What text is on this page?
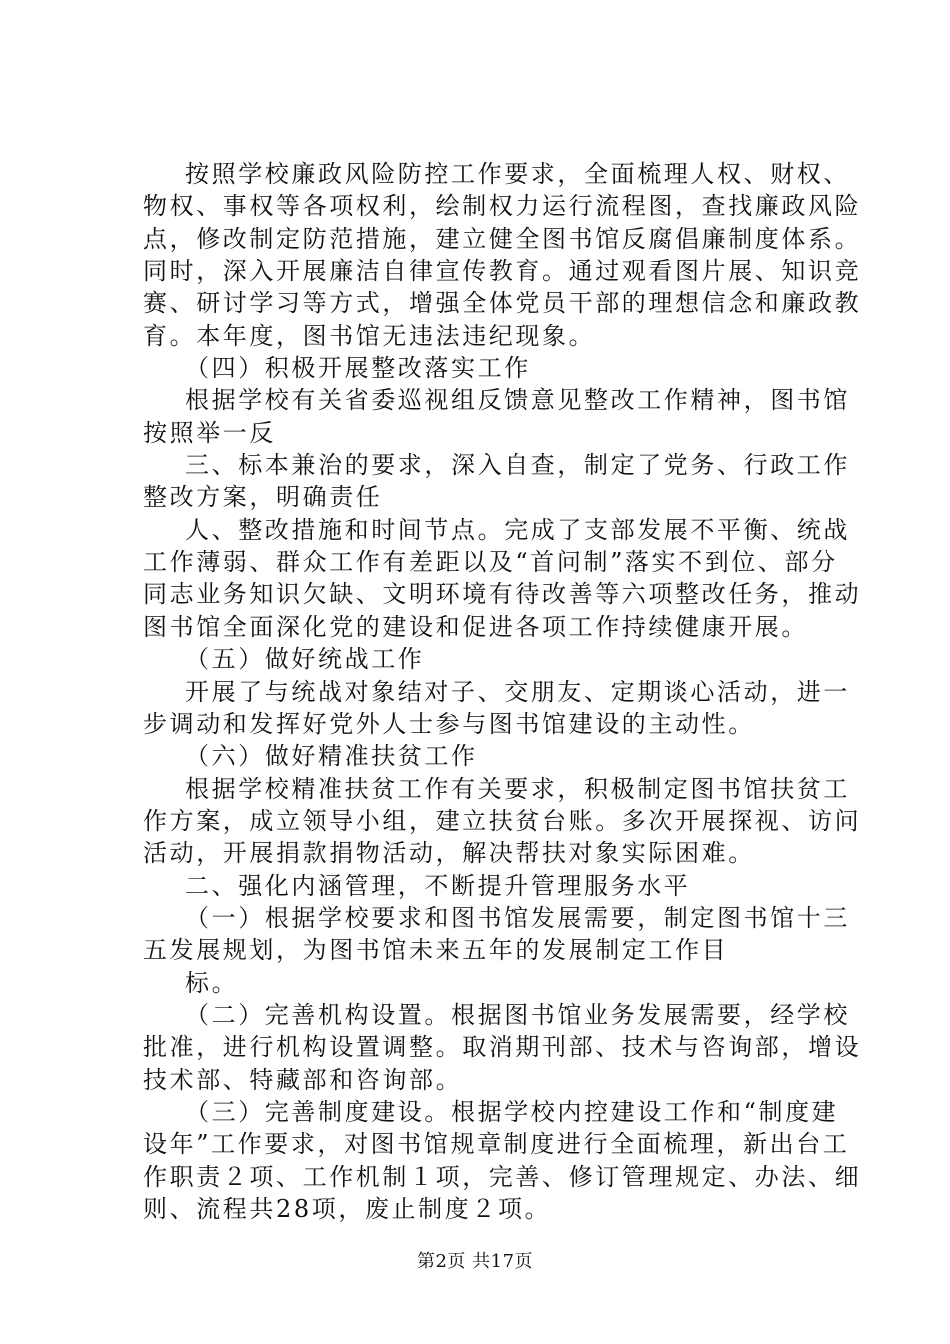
按照学校廉政风险防控工作要求，全面梳理人权、财权、
物权、事权等各项权利，绘制权力运行流程图，查找廉政风险
点，修改制定防范措施，建立健全图书馆反腐倡廉制度体系。
同时，深入开展廉洁自律宣传教育。通过观看图片展、知识竞
赛、研讨学习等方式，增强全体党员干部的理想信念和廉政教
育。本年度，图书馆无违法违纪现象。
（四）积极开展整改落实工作
根据学校有关省委巡视组反馈意见整改工作精神，图书馆
按照举一反
三、标本兼治的要求，深入自查，制定了党务、行政工作
整改方案，明确责任
人、整改措施和时间节点。完成了支部发展不平衡、统战
工作薄弱、群众工作有差距以及“首问制”落实不到位、部分
同志业务知识欠缺、文明环境有待改善等六项整改任务，推动
图书馆全面深化党的建设和促进各项工作持续健康开展。
（五）做好统战工作
开展了与统战对象结对子、交朋友、定期谈心活动，进一
步调动和发挥好党外人士参与图书馆建设的主动性。
（六）做好精准扶贫工作
根据学校精准扶贫工作有关要求，积极制定图书馆扶贫工
作方案，成立领导小组，建立扶贫台账。多次开展探视、访问
活动，开展捐款捐物活动，解决帮扶对象实际困难。
二、强化内涵管理，不断提升管理服务水平
（一）根据学校要求和图书馆发展需要，制定图书馆十三
五发展规划，为图书馆未来五年的发展制定工作目
标。
（二）完善机构设置。根据图书馆业务发展需要，经学校
批准，进行机构设置调整。取消期刊部、技术与咨询部，增设
技术部、特藏部和咨询部。
（三）完善制度建设。根据学校内控建设工作和“制度建
设年”工作要求，对图书馆规章制度进行全面梳理，新出台工
作职责２项、工作机制１项，完善、修订管理规定、办法、细
则、流程共28项，废止制度２项。
第2页 共17页
